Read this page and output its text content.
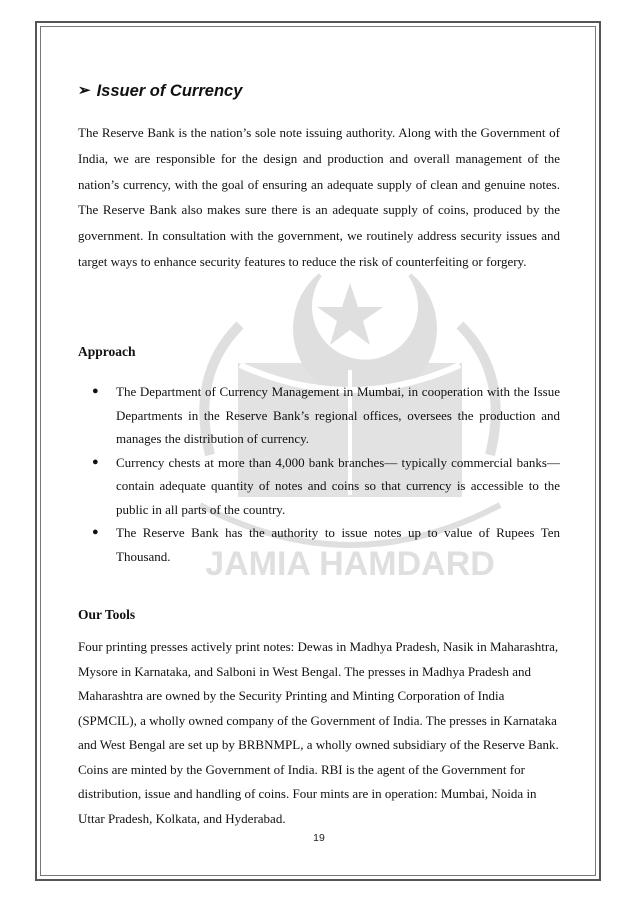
JAMIA HAMDARD
➢ Issuer of Currency

The Reserve Bank is the nation’s sole note issuing authority. Along with the Government of India, we are responsible for the design and production and overall management of the nation’s currency, with the goal of ensuring an adequate supply of clean and genuine notes. The Reserve Bank also makes sure there is an adequate supply of coins, produced by the government. In consultation with the government, we routinely address security issues and target ways to enhance security features to reduce the risk of counterfeiting or forgery.

Approach
● The Department of Currency Management in Mumbai, in cooperation with the Issue Departments in the Reserve Bank’s regional offices, oversees the production and manages the distribution of currency.
● Currency chests at more than 4,000 bank branches— typically commercial banks—contain adequate quantity of notes and coins so that currency is accessible to the public in all parts of the country.
● The Reserve Bank has the authority to issue notes up to value of Rupees Ten Thousand.
Our Tools

Four printing presses actively print notes: Dewas in Madhya Pradesh, Nasik in Maharashtra, Mysore in Karnataka, and Salboni in West Bengal. The presses in Madhya Pradesh and Maharashtra are owned by the Security Printing and Minting Corporation of India (SPMCIL), a wholly owned company of the Government of India. The presses in Karnataka and West Bengal are set up by BRBNMPL, a wholly owned subsidiary of the Reserve Bank. Coins are minted by the Government of India. RBI is the agent of the Government for distribution, issue and handling of coins. Four mints are in operation: Mumbai, Noida in Uttar Pradesh, Kolkata, and Hyderabad.

19
